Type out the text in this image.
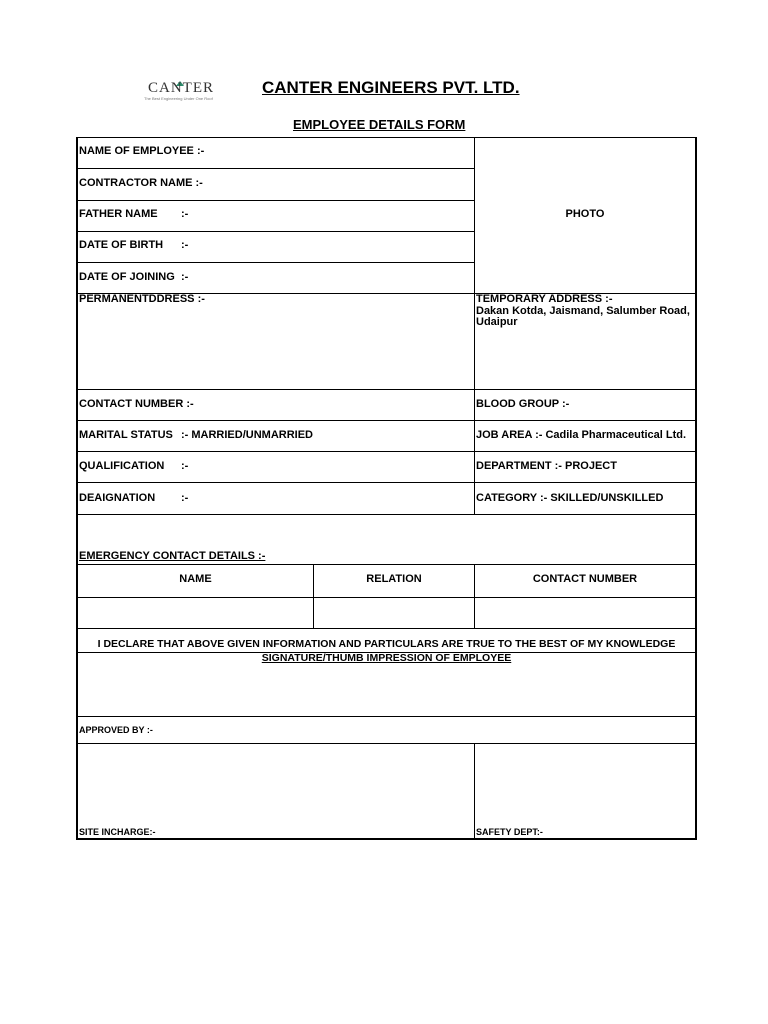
CANTER
The Best Engineering Under One Roof
CANTER ENGINEERS PVT. LTD.
EMPLOYEE DETAILS FORM
NAME OF EMPLOYEE :-
CONTRACTOR NAME :-
FATHER NAME :-
DATE OF BIRTH :-
DATE OF JOINING :-
PHOTO
PERMANENTDDRESS :-	TEMPORARY ADDRESS :-
Dakan Kotda, Jaismand, Salumber Road,
Udaipur
CONTACT NUMBER :-	BLOOD GROUP :-
MARITAL STATUS :- MARRIED/UNMARRIED	JOB AREA :- Cadila Pharmaceutical Ltd.
QUALIFICATION :-	DEPARTMENT :- PROJECT
DEAIGNATION :-	CATEGORY :- SKILLED/UNSKILLED
EMERGENCY CONTACT DETAILS :-
NAME	RELATION	CONTACT NUMBER
I DECLARE THAT ABOVE GIVEN INFORMATION AND PARTICULARS ARE TRUE TO THE BEST OF MY KNOWLEDGE
SIGNATURE/THUMB IMPRESSION OF EMPLOYEE
APPROVED BY :-
SITE INCHARGE:-	SAFETY DEPT:-
